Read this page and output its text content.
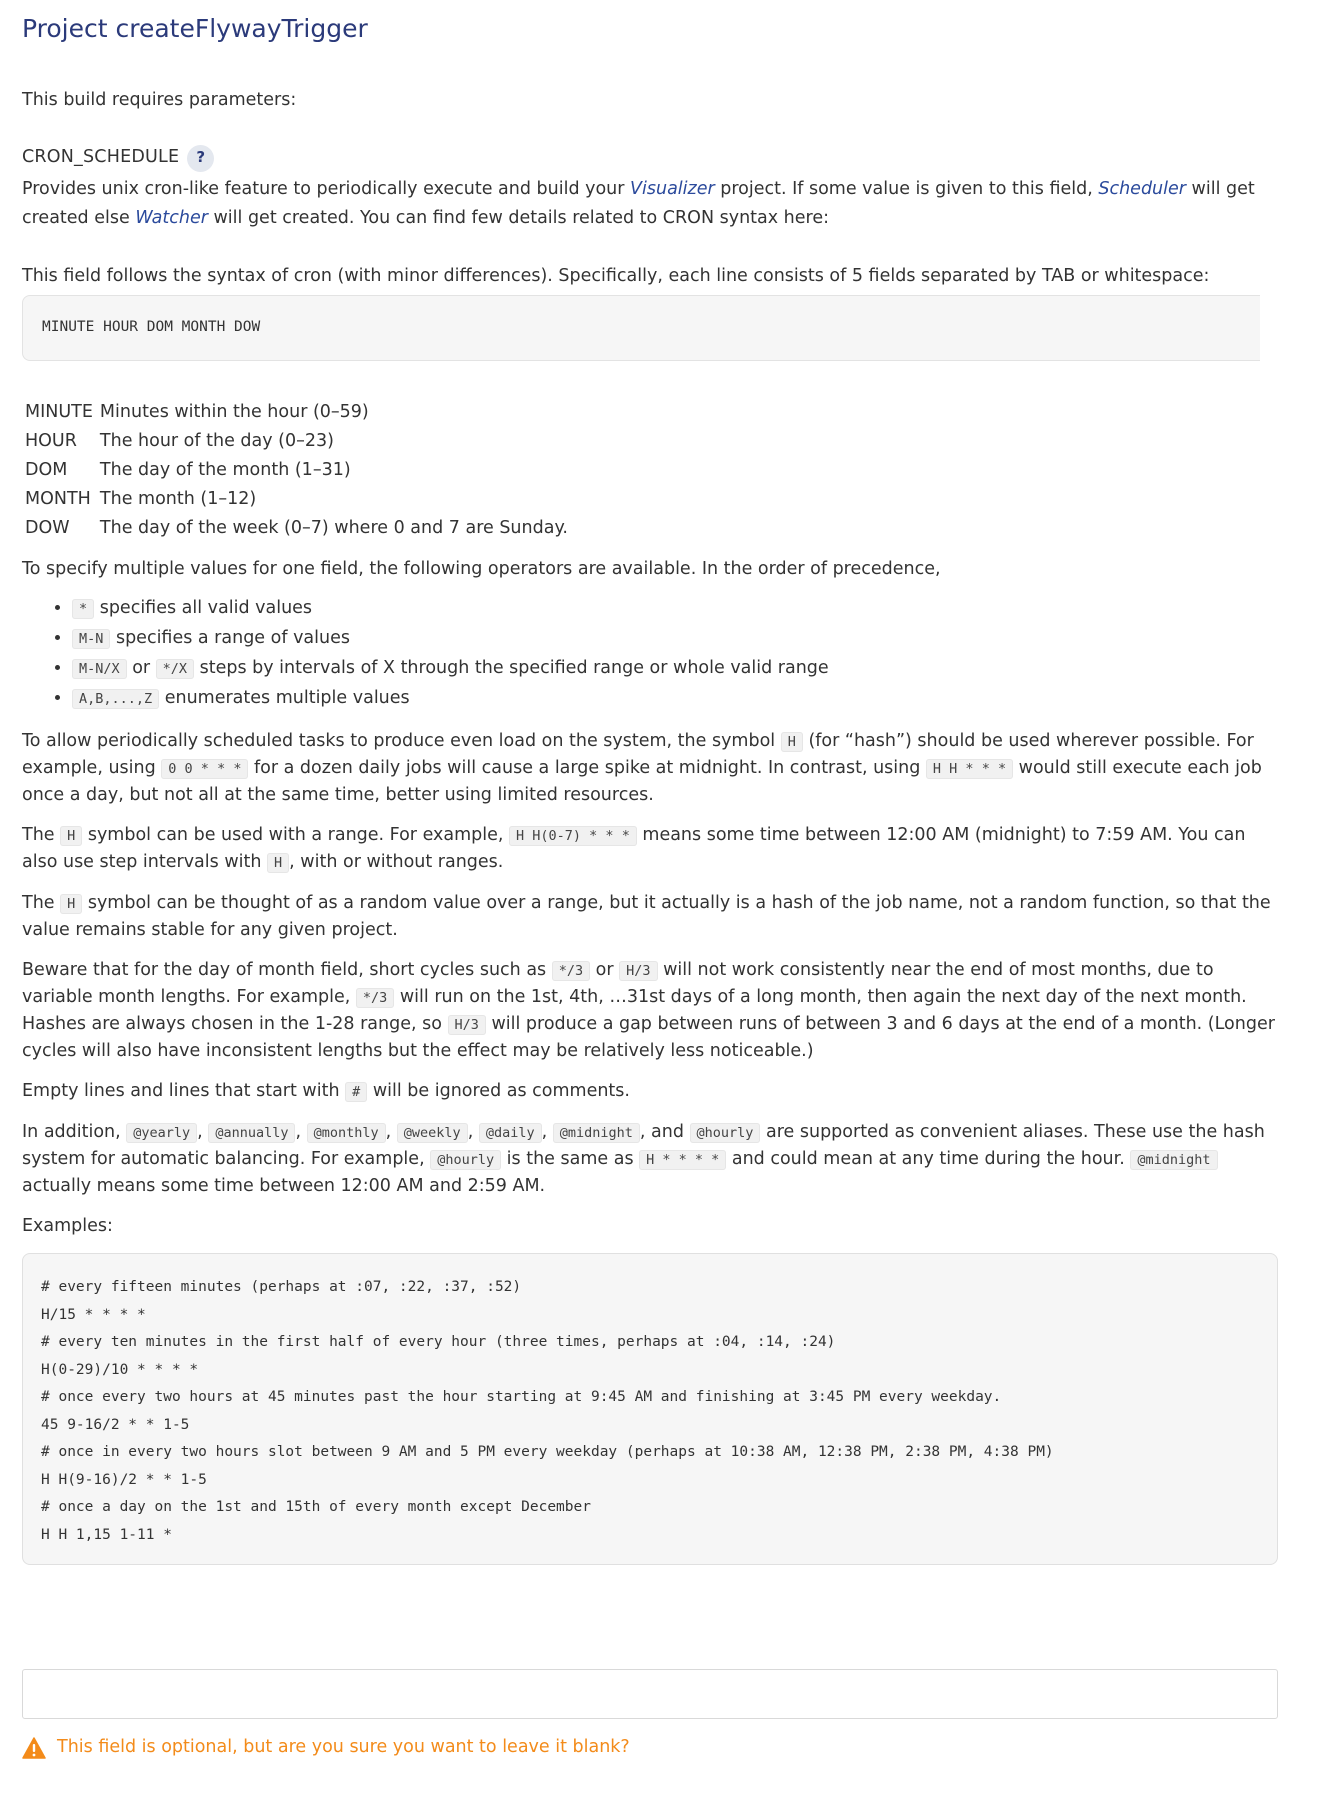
Project createFlywayTrigger

This build requires parameters:

CRON_SCHEDULE	?

Provides unix cron-like feature to periodically execute and build your Visualizer project. If some value is given to this field, Scheduler will get created else Watcher will get created. You can find few details related to CRON syntax here:

This field follows the syntax of cron (with minor differences). Specifically, each line consists of 5 fields separated by TAB or whitespace:

MINUTE HOUR DOM MONTH DOW
MINUTE	Minutes within the hour (0–59)
HOUR	The hour of the day (0–23)
DOM	The day of the month (1–31)
MONTH	The month (1–12)
DOW	The day of the week (0–7) where 0 and 7 are Sunday.

To specify multiple values for one field, the following operators are available. In the order of precedence,

• * specifies all valid values
• M-N specifies a range of values
• M-N/X or */X steps by intervals of X through the specified range or whole valid range
• A,B,...,Z enumerates multiple values

To allow periodically scheduled tasks to produce even load on the system, the symbol H (for “hash”) should be used wherever possible. For example, using 0 0 * * * for a dozen daily jobs will cause a large spike at midnight. In contrast, using H H * * * would still execute each job once a day, but not all at the same time, better using limited resources.

The H symbol can be used with a range. For example, H H(0-7) * * * means some time between 12:00 AM (midnight) to 7:59 AM. You can also use step intervals with H , with or without ranges.

The H symbol can be thought of as a random value over a range, but it actually is a hash of the job name, not a random function, so that the value remains stable for any given project.

Beware that for the day of month field, short cycles such as */3 or H/3 will not work consistently near the end of most months, due to variable month lengths. For example, */3 will run on the 1st, 4th, …31st days of a long month, then again the next day of the next month. Hashes are always chosen in the 1-28 range, so H/3 will produce a gap between runs of between 3 and 6 days at the end of a month. (Longer cycles will also have inconsistent lengths but the effect may be relatively less noticeable.)

Empty lines and lines that start with # will be ignored as comments.

In addition, @yearly , @annually , @monthly , @weekly , @daily , @midnight , and @hourly are supported as convenient aliases. These use the hash system for automatic balancing. For example, @hourly is the same as H * * * * and could mean at any time during the hour. @midnight actually means some time between 12:00 AM and 2:59 AM.

Examples:

# every fifteen minutes (perhaps at :07, :22, :37, :52)
H/15 * * * *
# every ten minutes in the first half of every hour (three times, perhaps at :04, :14, :24)
H(0-29)/10 * * * *
# once every two hours at 45 minutes past the hour starting at 9:45 AM and finishing at 3:45 PM every weekday.
45 9-16/2 * * 1-5
# once in every two hours slot between 9 AM and 5 PM every weekday (perhaps at 10:38 AM, 12:38 PM, 2:38 PM, 4:38 PM)
H H(9-16)/2 * * 1-5
# once a day on the 1st and 15th of every month except December
H H 1,15 1-11 *
This field is optional, but are you sure you want to leave it blank?
